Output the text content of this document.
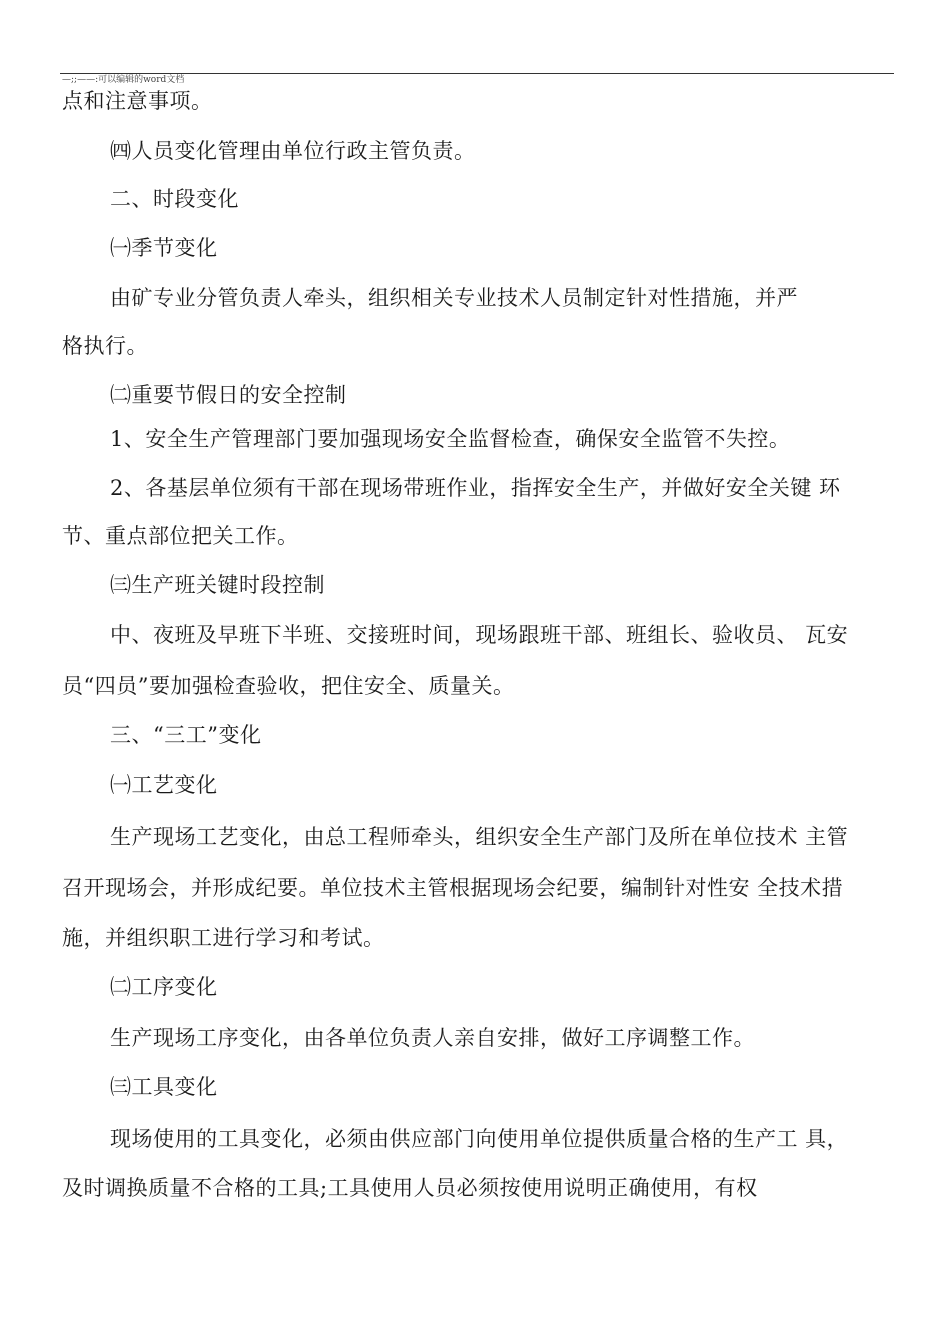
—;;——:可以编辑的word文档
点和注意事项。
㈣人员变化管理由单位行政主管负责。
二、时段变化
㈠季节变化
由矿专业分管负责人牵头，组织相关专业技术人员制定针对性措施，并严
格执行。
㈡重要节假日的安全控制
1、安全生产管理部门要加强现场安全监督检查，确保安全监管不失控。
2、各基层单位须有干部在现场带班作业，指挥安全生产，并做好安全关键 环
节、重点部位把关工作。
㈢生产班关键时段控制
中、夜班及早班下半班、交接班时间，现场跟班干部、班组长、验收员、 瓦安
员“四员”要加强检查验收，把住安全、质量关。
三、“三工”变化
㈠工艺变化
生产现场工艺变化，由总工程师牵头，组织安全生产部门及所在单位技术 主管
召开现场会，并形成纪要。单位技术主管根据现场会纪要，编制针对性安 全技术措
施，并组织职工进行学习和考试。
㈡工序变化
生产现场工序变化，由各单位负责人亲自安排，做好工序调整工作。
㈢工具变化
现场使用的工具变化，必须由供应部门向使用单位提供质量合格的生产工 具，
及时调换质量不合格的工具;工具使用人员必须按使用说明正确使用，有权
